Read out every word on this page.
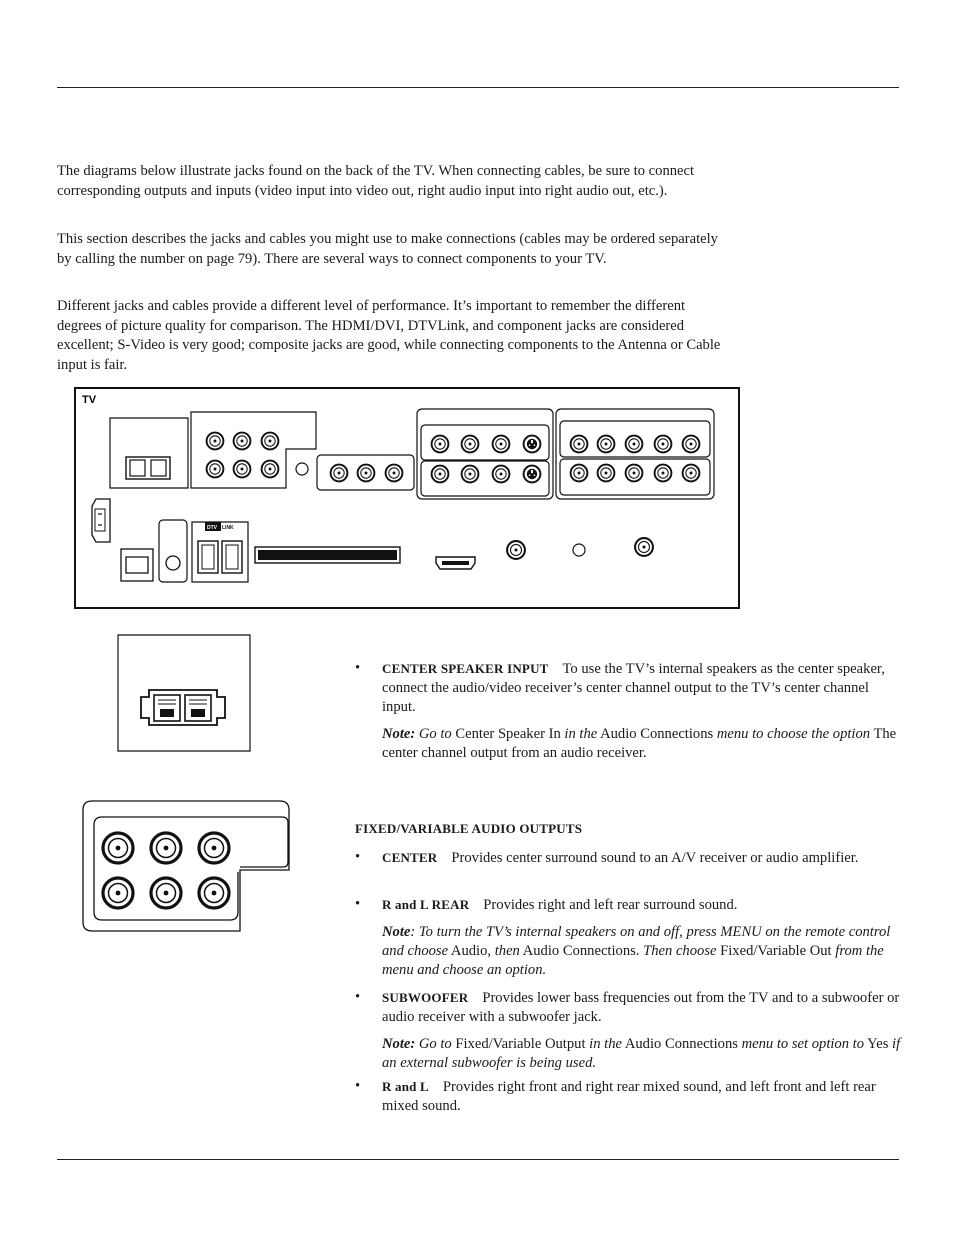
The diagrams below illustrate jacks found on the back of the TV. When connecting cables, be sure to connect corresponding outputs and inputs (video input into video out, right audio input into right audio out, etc.).

This section describes the jacks and cables you might use to make connections (cables may be ordered separately by calling the number on page 79). There are several ways to connect components to your TV.

Different jacks and cables provide a different level of performance. It’s important to remember the different degrees of picture quality for comparison. The HDMI/DVI, DTVLink, and component jacks are considered excellent; S-Video is very good; composite jacks are good, while connecting components to the Antenna or Cable input is fair.

TV
DTV LINK
• CENTER SPEAKER INPUT To use the TV’s internal speakers as the center speaker, connect the audio/video receiver’s center channel output to the TV’s center channel input.
Note: Go to Center Speaker In in the Audio Connections menu to choose the option The center channel output from an audio receiver.
FIXED/VARIABLE AUDIO OUTPUTS
• CENTER Provides center surround sound to an A/V receiver or audio amplifier.
• R and L REAR Provides right and left rear surround sound.
Note: To turn the TV’s internal speakers on and off, press MENU on the remote control and choose Audio, then Audio Connections. Then choose Fixed/Variable Out from the menu and choose an option.
• SUBWOOFER Provides lower bass frequencies out from the TV and to a subwoofer or audio receiver with a subwoofer jack.
Note: Go to Fixed/Variable Output in the Audio Connections menu to set option to Yes if an external subwoofer is being used.
• R and L Provides right front and right rear mixed sound, and left front and left rear mixed sound.
